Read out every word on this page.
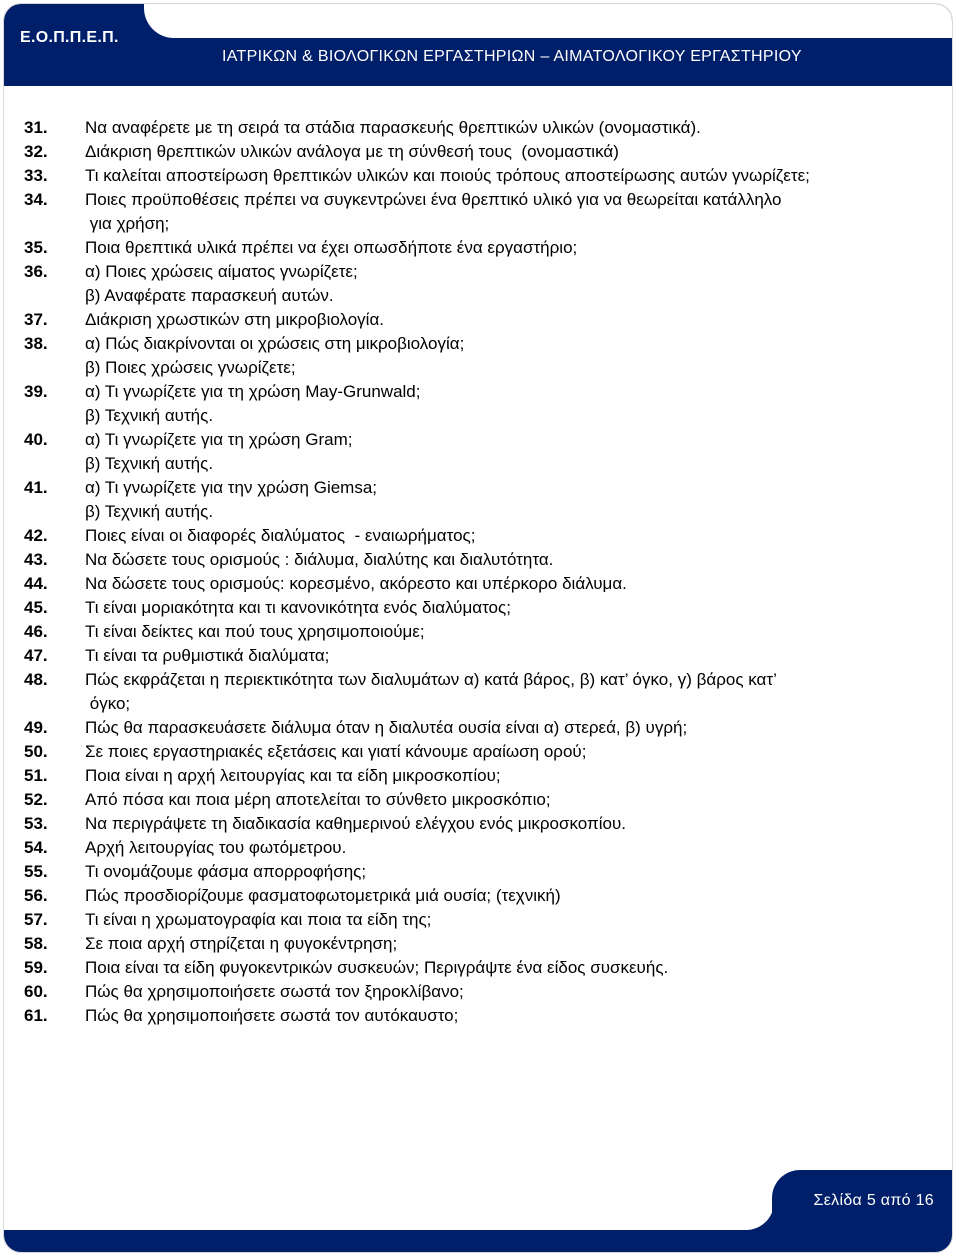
Ε.Ο.Π.Π.Ε.Π.
ΙΑΤΡΙΚΩΝ & ΒΙΟΛΟΓΙΚΩΝ ΕΡΓΑΣΤΗΡΙΩΝ – ΑΙΜΑΤΟΛΟΓΙΚΟΥ ΕΡΓΑΣΤΗΡΙΟΥ
31.	Να αναφέρετε με τη σειρά τα στάδια παρασκευής θρεπτικών υλικών (ονομαστικά).
32.	Διάκριση θρεπτικών υλικών ανάλογα με τη σύνθεσή τους  (ονομαστικά)
33.	Τι καλείται αποστείρωση θρεπτικών υλικών και ποιούς τρόπους αποστείρωσης αυτών γνωρίζετε;
34.	Ποιες προϋποθέσεις πρέπει να συγκεντρώνει ένα θρεπτικό υλικό για να θεωρείται κατάλληλο
για χρήση;
35.	Ποια θρεπτικά υλικά πρέπει να έχει οπωσδήποτε ένα εργαστήριο;
36.	α) Ποιες χρώσεις αίματος γνωρίζετε;
β) Αναφέρατε παρασκευή αυτών.
37.	Διάκριση χρωστικών στη μικροβιολογία.
38.	α) Πώς διακρίνονται οι χρώσεις στη μικροβιολογία;
β) Ποιες χρώσεις γνωρίζετε;
39.	α) Τι γνωρίζετε για τη χρώση May-Grunwald;
β) Τεχνική αυτής.
40.	α) Τι γνωρίζετε για τη χρώση Gram;
β) Τεχνική αυτής.
41.	α) Τι γνωρίζετε για την χρώση Giemsa;
β) Τεχνική αυτής.
42.	Ποιες είναι οι διαφορές διαλύματος  - εναιωρήματος;
43.	Να δώσετε τους ορισμούς : διάλυμα, διαλύτης και διαλυτότητα.
44.	Να δώσετε τους ορισμούς: κορεσμένο, ακόρεστο και υπέρκορο διάλυμα.
45.	Τι είναι μοριακότητα και τι κανονικότητα ενός διαλύματος;
46.	Τι είναι δείκτες και πού τους χρησιμοποιούμε;
47.	Τι είναι τα ρυθμιστικά διαλύματα;
48.	Πώς εκφράζεται η περιεκτικότητα των διαλυμάτων α) κατά βάρος, β) κατ’ όγκο, γ) βάρος κατ’
όγκο;
49.	Πώς θα παρασκευάσετε διάλυμα όταν η διαλυτέα ουσία είναι α) στερεά, β) υγρή;
50.	Σε ποιες εργαστηριακές εξετάσεις και γιατί κάνουμε αραίωση ορού;
51.	Ποια είναι η αρχή λειτουργίας και τα είδη μικροσκοπίου;
52.	Από πόσα και ποια μέρη αποτελείται το σύνθετο μικροσκόπιο;
53.	Να περιγράψετε τη διαδικασία καθημερινού ελέγχου ενός μικροσκοπίου.
54.	Αρχή λειτουργίας του φωτόμετρου.
55.	Τι ονομάζουμε φάσμα απορροφήσης;
56.	Πώς προσδιορίζουμε φασματοφωτομετρικά μιά ουσία; (τεχνική)
57.	Τι είναι η χρωματογραφία και ποια τα είδη της;
58.	Σε ποια αρχή στηρίζεται η φυγοκέντρηση;
59.	Ποια είναι τα είδη φυγοκεντρικών συσκευών; Περιγράψτε ένα είδος συσκευής.
60.	Πώς θα χρησιμοποιήσετε σωστά τον ξηροκλίβανο;
61.	Πώς θα χρησιμοποιήσετε σωστά τον αυτόκαυστο;
Σελίδα 5 από 16
